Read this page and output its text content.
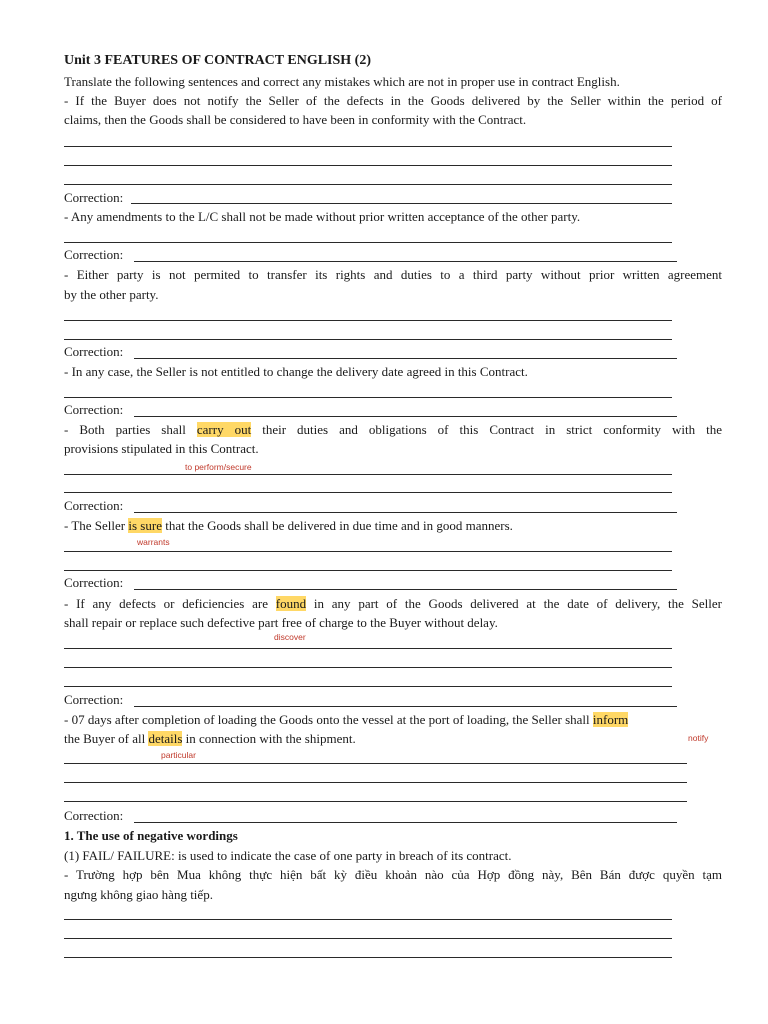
Unit 3 FEATURES OF CONTRACT ENGLISH (2)
Translate the following sentences and correct any mistakes which are not in proper use in contract English.
- If the Buyer does not notify the Seller of the defects in the Goods delivered by the Seller within the period of
claims, then the Goods shall be considered to have been in conformity with the Contract.
Correction:
- Any amendments to the L/C shall not be made without prior written acceptance of the other party.
Correction:
- Either party is not permited to transfer its rights and duties to a third party without prior written agreement
by the other party.
Correction:
- In any case, the Seller is not entitled to change the delivery date agreed in this Contract.
Correction:
- Both parties shall carry out their duties and obligations of this Contract in strict conformity with the
provisions stipulated in this Contract.
to perform/secure
Correction:
- The Seller is sure that the Goods shall be delivered in due time and in good manners.
warrants
Correction:
- If any defects or deficiencies are found in any part of the Goods delivered at the date of delivery, the Seller
shall repair or replace such defective part free of charge to the Buyer without delay.
discover
Correction:
- 07 days after completion of loading the Goods onto the vessel at the port of loading, the Seller shall inform
the Buyer of all details in connection with the shipment.	notify
particular
Correction:
1. The use of negative wordings
(1) FAIL/ FAILURE: is used to indicate the case of one party in breach of its contract.
- Trường hợp bên Mua không thực hiện bất kỳ điều khoản nào của Hợp đồng này, Bên Bán được quyền tạm
ngưng không giao hàng tiếp.
